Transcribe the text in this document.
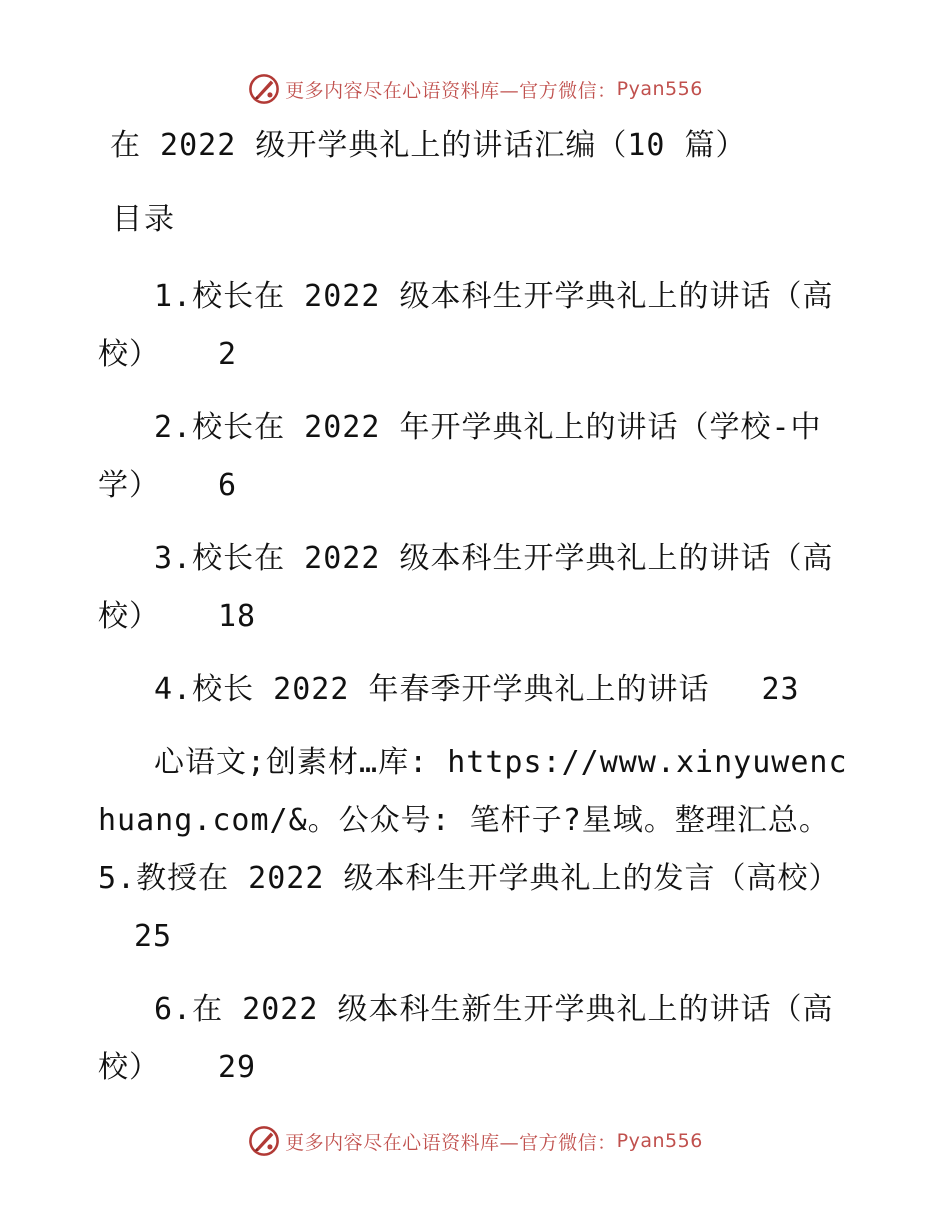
更多内容尽在心语资料库—官方微信： Pyan556
在 2022 级开学典礼上的讲话汇编（10 篇）
目录
1.校长在 2022 级本科生开学典礼上的讲话（高校） 2
2.校长在 2022 年开学典礼上的讲话（学校-中学） 6
3.校长在 2022 级本科生开学典礼上的讲话（高校） 18
4.校长 2022 年春季开学典礼上的讲话 23
心语文;创素材…库: https://www.xinyuwenchuang.com/&。公众号: 笔杆子?星域。整理汇总。5.教授在 2022 级本科生开学典礼上的发言（高校）25
6.在 2022 级本科生新生开学典礼上的讲话（高校） 29
更多内容尽在心语资料库—官方微信： Pyan556
